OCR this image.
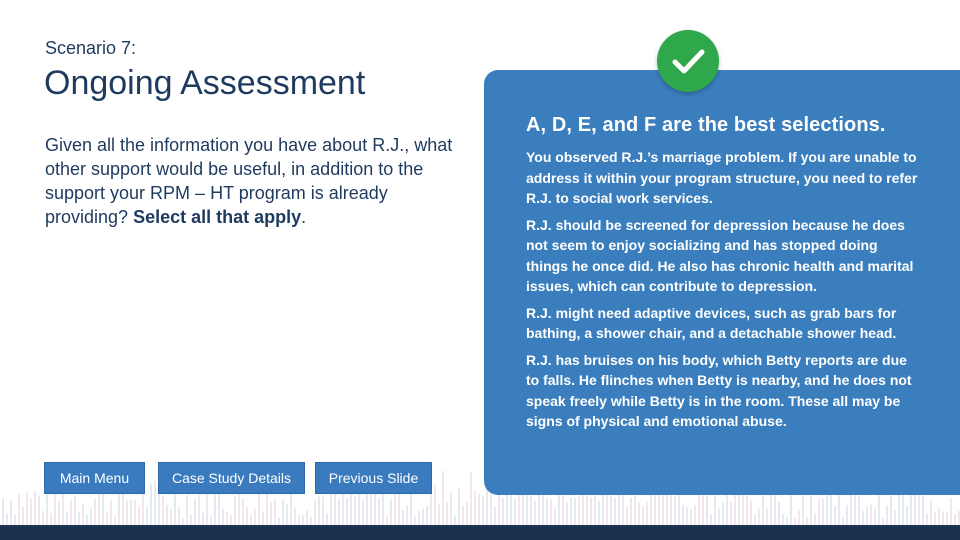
Scenario 7:
Ongoing Assessment
Given all the information you have about R.J., what other support would be useful, in addition to the support your RPM – HT program is already providing? Select all that apply.
Main Menu	Case Study Details	Previous Slide
A, D, E, and F are the best selections.

You observed R.J.’s marriage problem. If you are unable to address it within your program structure, you need to refer R.J. to social work services.

R.J. should be screened for depression because he does not seem to enjoy socializing and has stopped doing things he once did. He also has chronic health and marital issues, which can contribute to depression.

R.J. might need adaptive devices, such as grab bars for bathing, a shower chair, and a detachable shower head.

R.J. has bruises on his body, which Betty reports are due to falls. He flinches when Betty is nearby, and he does not speak freely while Betty is in the room. These all may be signs of physical and emotional abuse.
